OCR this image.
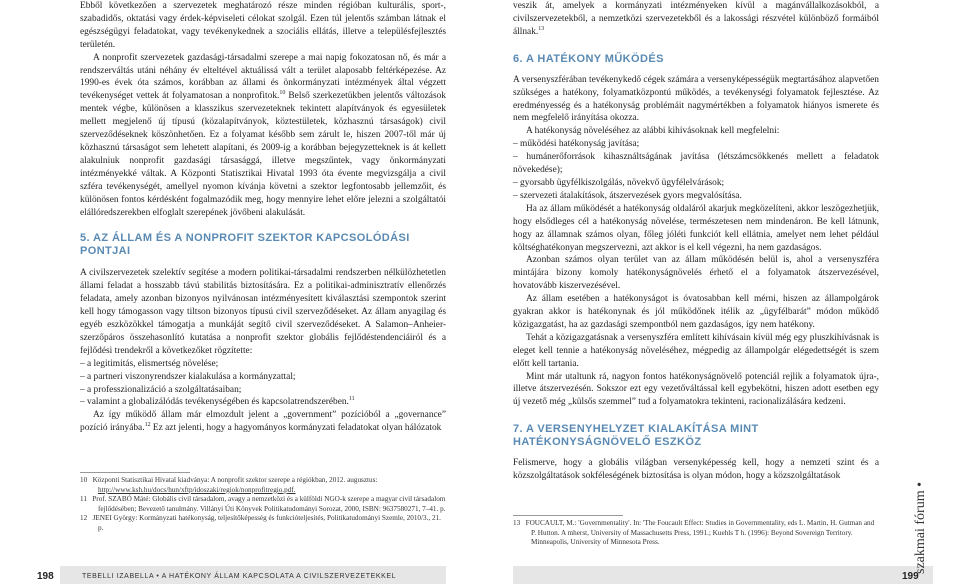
Ebből következően a szervezetek meghatározó része minden régióban kulturális, sport-, szabadidős, oktatási vagy érdek-képviseleti célokat szolgál. Ezen túl jelentős számban látnak el egészségügyi feladatokat, vagy tevékenykednek a szociális ellátás, illetve a településfejlesztés területén.

A nonprofit szervezetek gazdasági-társadalmi szerepe a mai napig fokozatosan nő, és már a rendszerváltás utáni néhány év elteltével aktuálissá vált a terület alaposabb feltérképezése. Az 1990-es évek óta számos, korábban az állami és önkormányzati intézmények által végzett tevékenységet vettek át folyamatosan a nonprofitok.$^{10}$ Belső szerkezetükben jelentős változások mentek végbe, különösen a klasszikus szervezeteknek tekintett alapítványok és egyesületek mellett megjelenő új típusú (közalapítványok, köztestületek, közhasznú társaságok) civil szerveződéseknek köszönhetően. Ez a folyamat később sem zárult le, hiszen 2007-től már új közhasznú társaságot sem lehetett alapítani, és 2009-ig a korábban bejegyzetteknek is át kellett alakulniuk nonprofit gazdasági társasággá, illetve megszűntek, vagy önkormányzati intézményekké váltak. A Központi Statisztikai Hivatal 1993 óta évente megvizsgálja a civil szféra tevékenységét, amellyel nyomon kívánja követni a szektor legfontosabb jellemzőit, és különösen fontos kérdésként fogalmazódik meg, hogy mennyire lehet előre jelezni a szolgáltatói elállóredszerekben elfoglalt szerepének jövőbeni alakulását.

5. AZ ÁLLAM ÉS A NONPROFIT SZEKTOR KAPCSOLÓDÁSI PONTJAI

A civilszervezetek szelektív segítése a modern politikai-társadalmi rendszerben nélkülözhetetlen állami feladat a hosszabb távú stabilitás biztosítására. Ez a politikai-adminisztratív ellenőrzés feladata, amely azonban bizonyos nyilvánosan intézményesített kiválasztási szempontok szerint kell hogy támogasson vagy tiltson bizonyos típusú civil szerveződéseket. Az állam anyagilag és egyéb eszközökkel támogatja a munkáját segítő civil szerveződéseket. A Salamon–Anheier-szerzőpáros összehasonlító kutatása a nonprofit szektor globális fejlődéstendenciáiról és a fejlődési trendekről a következőket rögzítette:

– a legitimitás, elismertség növelése;

– a partneri viszonyrendszer kialakulása a kormányzattal;

– a professzionalizáció a szolgáltatásaiban;

– valamint a globalizálódás tevékenységében és kapcsolatrendszerében.$^{11}$

Az így működő állam már elmozdult jelent a „government” pozícióból a „governance” pozíció irányába.$^{12}$ Ez azt jelenti, hogy a hagyományos kormányzati feladatokat olyan hálózatok

veszik át, amelyek a kormányzati intézményeken kívül a magánvállalkozásokból, a civilszervezetekből, a nemzetközi szervezetekből és a lakossági részvétel különböző formáiból állnak.$^{13}$

6. A HATÉKONY MŰKÖDÉS

A versenyszférában tevékenykedő cégek számára a versenyképességük megtartásához alapvetően szükséges a hatékony, folyamatközpontú működés, a tevékenységi folyamatok fejlesztése. Az eredményesség és a hatékonyság problémáit nagymértékben a folyamatok hiányos ismerete és nem megfelelő irányítása okozza.

A hatékonyság növeléséhez az alábbi kihívásoknak kell megfelelni:

– működési hatékonyság javítása;

– humánerőforrások kihasználtságának javítása (létszámcsökkenés mellett a feladatok növekedése);

– gyorsabb ügyfélkiszolgálás, növekvő ügyfélelvárások;

– szervezeti átalakítások, átszervezések gyors megvalósítása.

Ha az állam működését a hatékonyság oldaláról akarjuk megközelíteni, akkor leszögezhetjük, hogy elsődleges cél a hatékonyság növelése, természetesen nem mindenáron. Be kell látnunk, hogy az államnak számos olyan, főleg jóléti funkciót kell ellátnia, amelyet nem lehet például költséghatékonyan megszervezni, azt akkor is el kell végezni, ha nem gazdaságos.

Azonban számos olyan terület van az állam működésén belül is, ahol a versenyszféra mintájára bizony komoly hatékonyságnövelés érhető el a folyamatok átszervezésével, hovatovább kiszervezésével.

Az állam esetében a hatékonyságot is óvatosabban kell mérni, hiszen az állampolgárok gyakran akkor is hatékonynak és jól működőnek itélik az „ügyfélbarát” módon működő közigazgatást, ha az gazdasági szempontból nem gazdaságos, így nem hatékony.

Tehát a közigazgatásnak a versenyszféra említett kihívásain kívül még egy pluszkihívásnak is eleget kell tennie a hatékonyság növeléséhez, mégpedig az állampolgár elégedettségét is szem előtt kell tartania.

Mint már utaltunk rá, nagyon fontos hatékonyságnövelő potenciál rejlik a folyamatok újra-, illetve átszervezésén. Sokszor ezt egy vezetőváltással kell egybekötni, hiszen adott esetben egy új vezető még „külsős szemmel” tud a folyamatokra tekinteni, racionalizálására kedzeni.

7. A VERSENYHELYZET KIALAKÍTÁSA MINT HATÉKONYSÁGNÖVELŐ ESZKÖZ

Felismerve, hogy a globális világban versenyképesség kell, hogy a nemzeti szint és a közszolgáltatások sokféleségének biztosítása is olyan módon, hogy a közszolgáltatások

10 Központi Statisztikai Hivatal kiadványa: A nonprofit szektor szerepe a régiókban, 2012. augusztus: http://www.ksh.hu/docs/hun/xftp/idoszaki/regiok/nonprofitregio.pdf.

11 Prof. SZABÓ Máté: Globális civil társadalom, avagy a nemzetközi és a külföldi NGO-k szerepe a magyar civil társadalom fejlődésében; Bevezető tanulmány. Villányi Úti Könyvek Politikatudományi Sorozat, 2000, ISBN: 9637580271, 7–41. p.

12 JENEI György: Kormányzati hatékonyság, teljesítőképesség és funkcióteljesítés, Politikatudományi Szemle, 2010/3., 21. p.

13 FOUCAULT, M.: 'Governmentality'. In: 'The Foucault Effect: Studies in Governmentality, eds L. Martin, H. Gutman and P. Hutton. A mherst, University of Massachusetts Press, 1991.; Kuehls T h. (1996): Beyond Sovereign Territory. Minneapolis, University of Minnesota Press.

198	TEBELLI IZABELLA • A HATÉKONY ÁLLAM KAPCSOLATA A CIVILSZERVEZETEKKEL	199
szakmai fórum •
